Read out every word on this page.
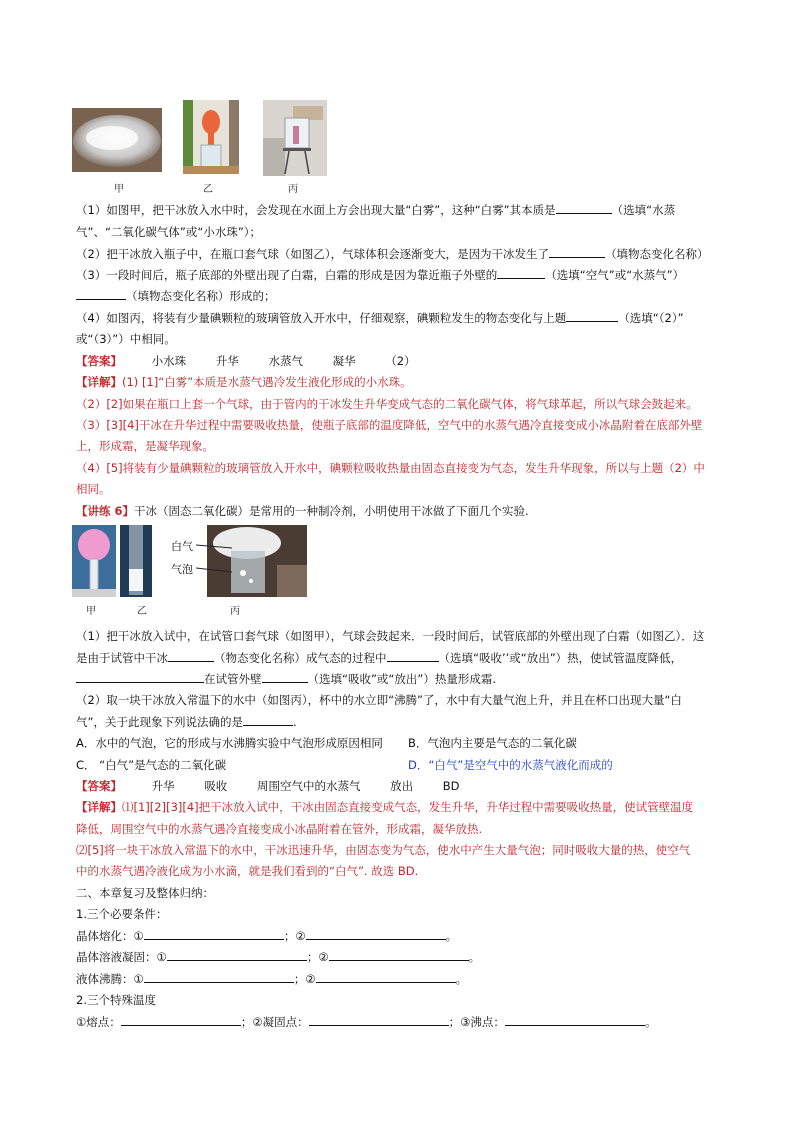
甲	乙	丙
（1）如图甲，把干冰放入水中时，会发现在水面上方会出现大量“白雾”，这种“白雾”其本质是	（选填“水蒸
气”、“二氧化碳气体”或“小水珠”）；
（2）把干冰放入瓶子中，在瓶口套气球（如图乙），气球体积会逐渐变大，是因为干冰发生了	（填物态变化名称）
（3）一段时间后，瓶子底部的外壁出现了白霜，白霜的形成是因为靠近瓶子外壁的	（选填“空气”或“水蒸气”）
（填物态变化名称）形成的；
（4）如图丙，将装有少量碘颗粒的玻璃管放入开水中，仔细观察，碘颗粒发生的物态变化与上题	（选填“（2）”
或“（3）”）中相同。
【答案】	小水珠	升华	水蒸气	凝华	（2）
【详解】(1) [1]“白雾”本质是水蒸气遇冷发生液化形成的小水珠。
（2）[2]如果在瓶口上套一个气球，由于管内的干冰发生升华变成气态的二氧化碳气体，将气球革起，所以气球会鼓起来。
（3）[3][4]干冰在升华过程中需要吸收热量，使瓶子底部的温度降低，空气中的水蒸气遇冷直接变成小冰晶附着在底部外壁
上，形成霜，是凝华现象。
（4）[5]将装有少量碘颗粒的玻璃管放入开水中，碘颗粒吸收热量由固态直接变为气态，发生升华现象，所以与上题（2）中
相同。
【讲练 6】干冰（固态二氧化碳）是常用的一种制冷剂，小明使用干冰做了下面几个实验.
白气
气泡
甲	乙	丙
（1）把干冰放入试中，在试管口套气球（如图甲），气球会鼓起来．一段时间后，试管底部的外壁出现了白霜（如图乙）．这
是由于试管中干冰	（物态变化名称）成气态的过程中	（选填“吸收’’或“放出”）热，使试管温度降低，
在试管外壁	（选填“吸收”或“放出”）热量形成霜.
（2）取一块干冰放入常温下的水中（如图丙），杯中的水立即“沸腾”了，水中有大量气泡上升，并且在杯口出现大量“白
气”，关于此现象下列说法确的是	.
A．水中的气泡，它的形成与水沸腾实验中气泡形成原因相同 B．气泡内主要是气态的二氧化碳
C． “白气”是气态的二氧化碳	D．“白气”是空气中的水蒸气液化而成的
【答案】	升华	吸收	周围空气中的水蒸气	放出	BD
【详解】⑴[1][2][3][4]把干冰放入试中，干冰由固态直接变成气态，发生升华，升华过程中需要吸收热量，使试管壁温度
降低，周围空气中的水蒸气遇冷直接变成小冰晶附着在管外，形成霜，凝华放热.
⑵[5]将一块干冰放入常温下的水中，干冰迅速升华，由固态变为气态，使水中产生大量气泡；同时吸收大量的热，使空气
中的水蒸气遇冷液化成为小水滴，就是我们看到的“白气”. 故选 BD.
二、本章复习及整体归纳：
1.三个必要条件：
晶体熔化：①	；②	。
晶体溶液凝固：①	；②	。
液体沸腾：①	；②	。
2.三个特殊温度
①熔点：	；②凝固点：	；③沸点：	。
